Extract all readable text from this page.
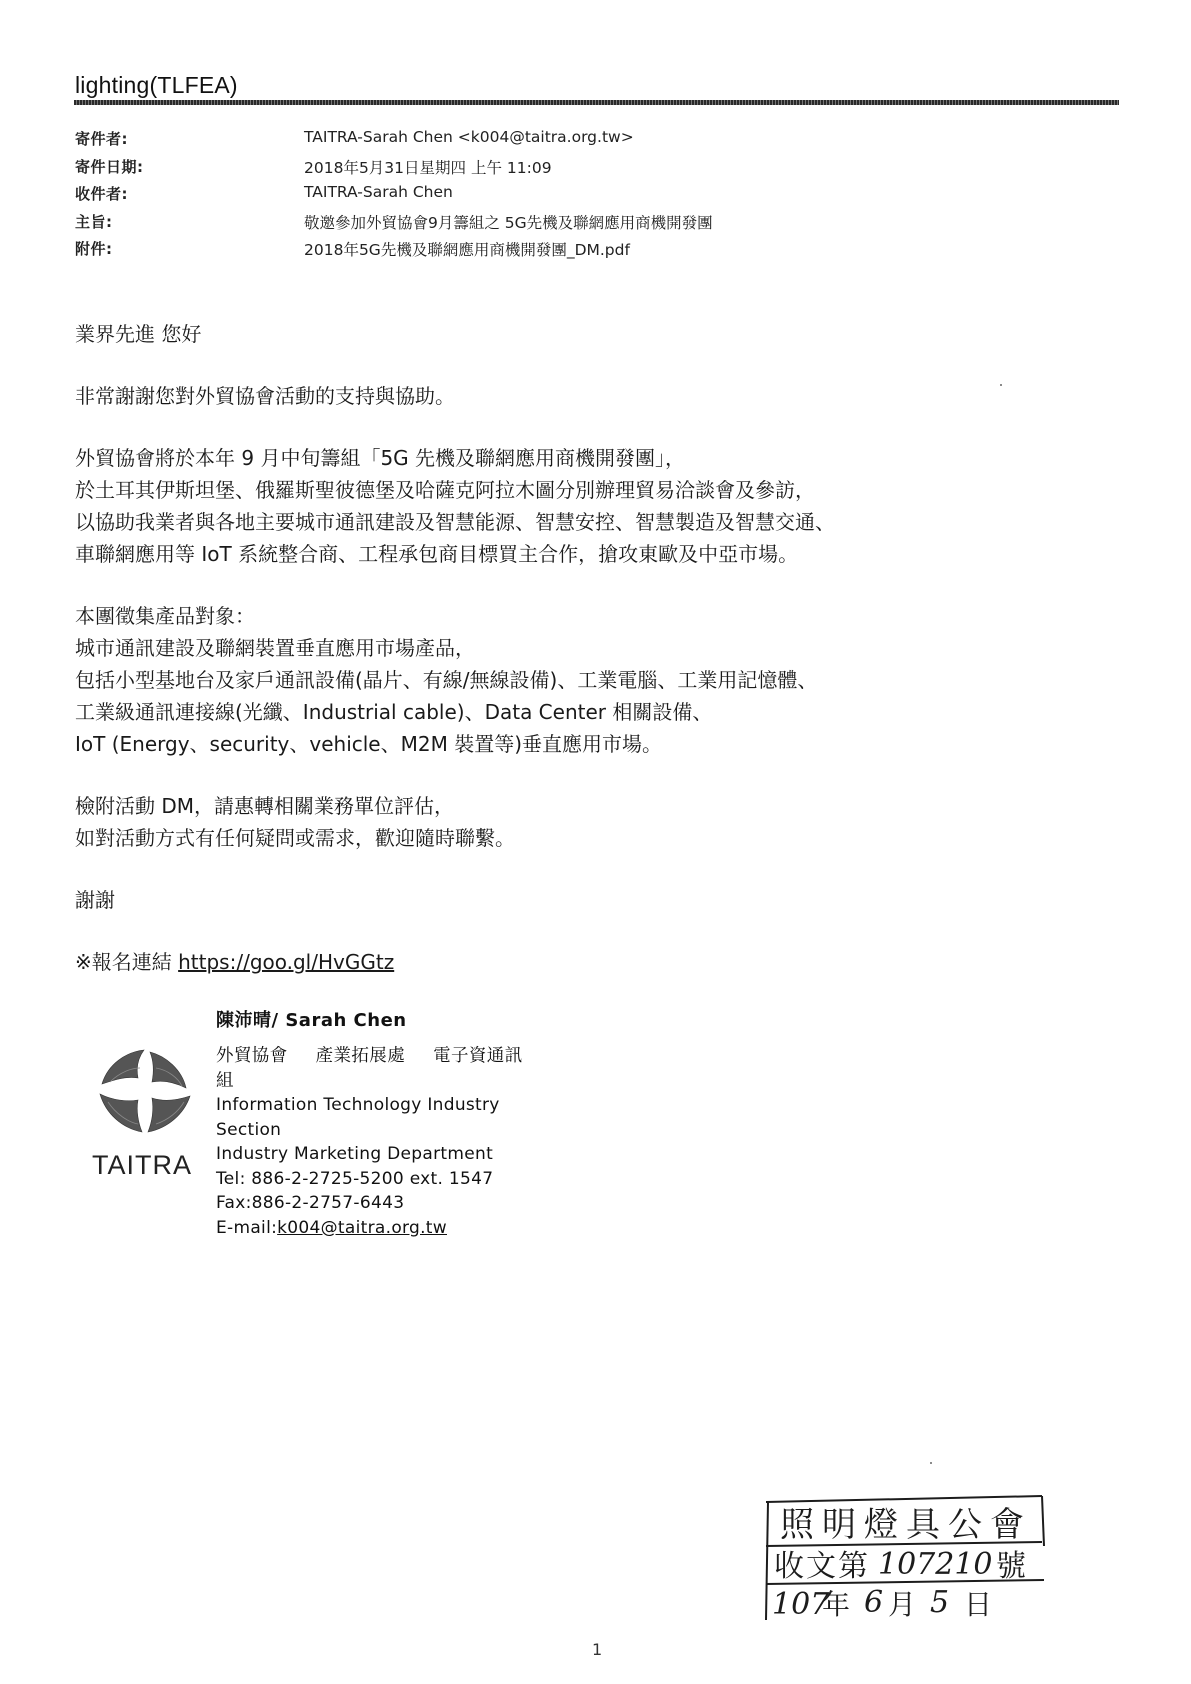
lighting(TLFEA)
寄件者:	TAITRA-Sarah Chen <k004@taitra.org.tw>
寄件日期:	2018年5月31日星期四 上午 11:09
收件者:	TAITRA-Sarah Chen
主旨:	敬邀參加外貿協會9月籌組之 5G先機及聯網應用商機開發團
附件:	2018年5G先機及聯網應用商機開發團_DM.pdf

業界先進 您好

非常謝謝您對外貿協會活動的支持與協助。

外貿協會將於本年 9 月中旬籌組「5G 先機及聯網應用商機開發團」，
於土耳其伊斯坦堡、俄羅斯聖彼德堡及哈薩克阿拉木圖分別辦理貿易洽談會及參訪，
以協助我業者與各地主要城市通訊建設及智慧能源、智慧安控、智慧製造及智慧交通、
車聯網應用等 IoT 系統整合商、工程承包商目標買主合作，搶攻東歐及中亞市場。

本團徵集產品對象：
城市通訊建設及聯網裝置垂直應用市場產品，
包括小型基地台及家戶通訊設備(晶片、有線/無線設備)、工業電腦、工業用記憶體、
工業級通訊連接線(光纖、Industrial cable)、Data Center 相關設備、
IoT (Energy、security、vehicle、M2M 裝置等)垂直應用市場。

檢附活動 DM，請惠轉相關業務單位評估，
如對活動方式有任何疑問或需求，歡迎隨時聯繫。

謝謝

※報名連結 https://goo.gl/HvGGtz

陳沛晴/ Sarah Chen
TAITRA
外貿協會 產業拓展處 電子資通訊
組
Information Technology Industry
Section
Industry Marketing Department
Tel: 886-2-2725-5200 ext. 1547
Fax:886-2-2757-6443
E-mail:k004@taitra.org.tw
1
照明燈具公會
收文第 107210 號
107
年 6 月 5 日
